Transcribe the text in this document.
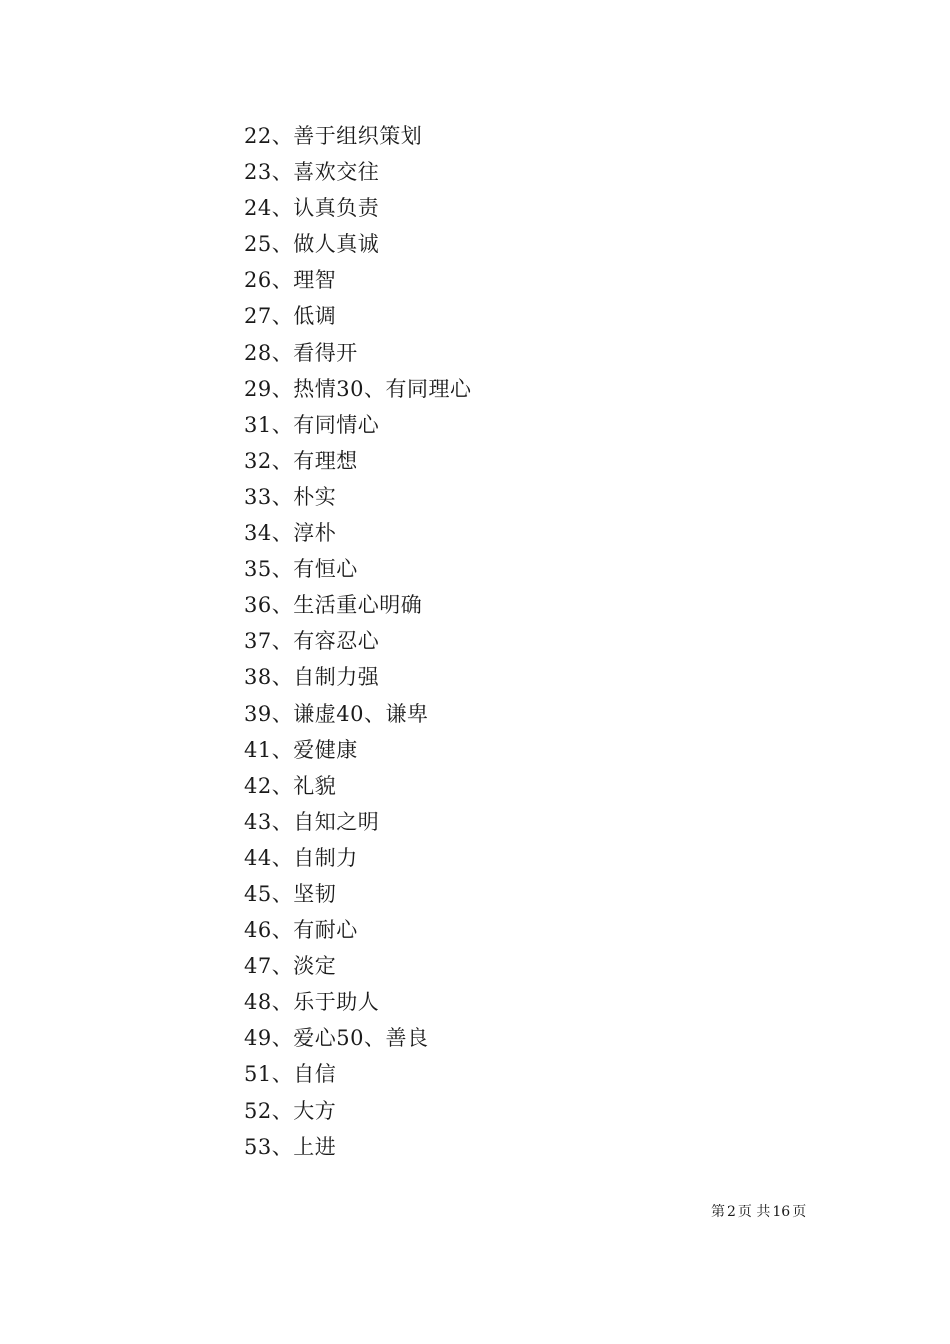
22、善于组织策划
23、喜欢交往
24、认真负责
25、做人真诚
26、理智
27、低调
28、看得开
29、热情30、有同理心
31、有同情心
32、有理想
33、朴实
34、淳朴
35、有恒心
36、生活重心明确
37、有容忍心
38、自制力强
39、谦虚40、谦卑
41、爱健康
42、礼貌
43、自知之明
44、自制力
45、坚韧
46、有耐心
47、淡定
48、乐于助人
49、爱心50、善良
51、自信
52、大方
53、上进
第 2 页 共 16 页
